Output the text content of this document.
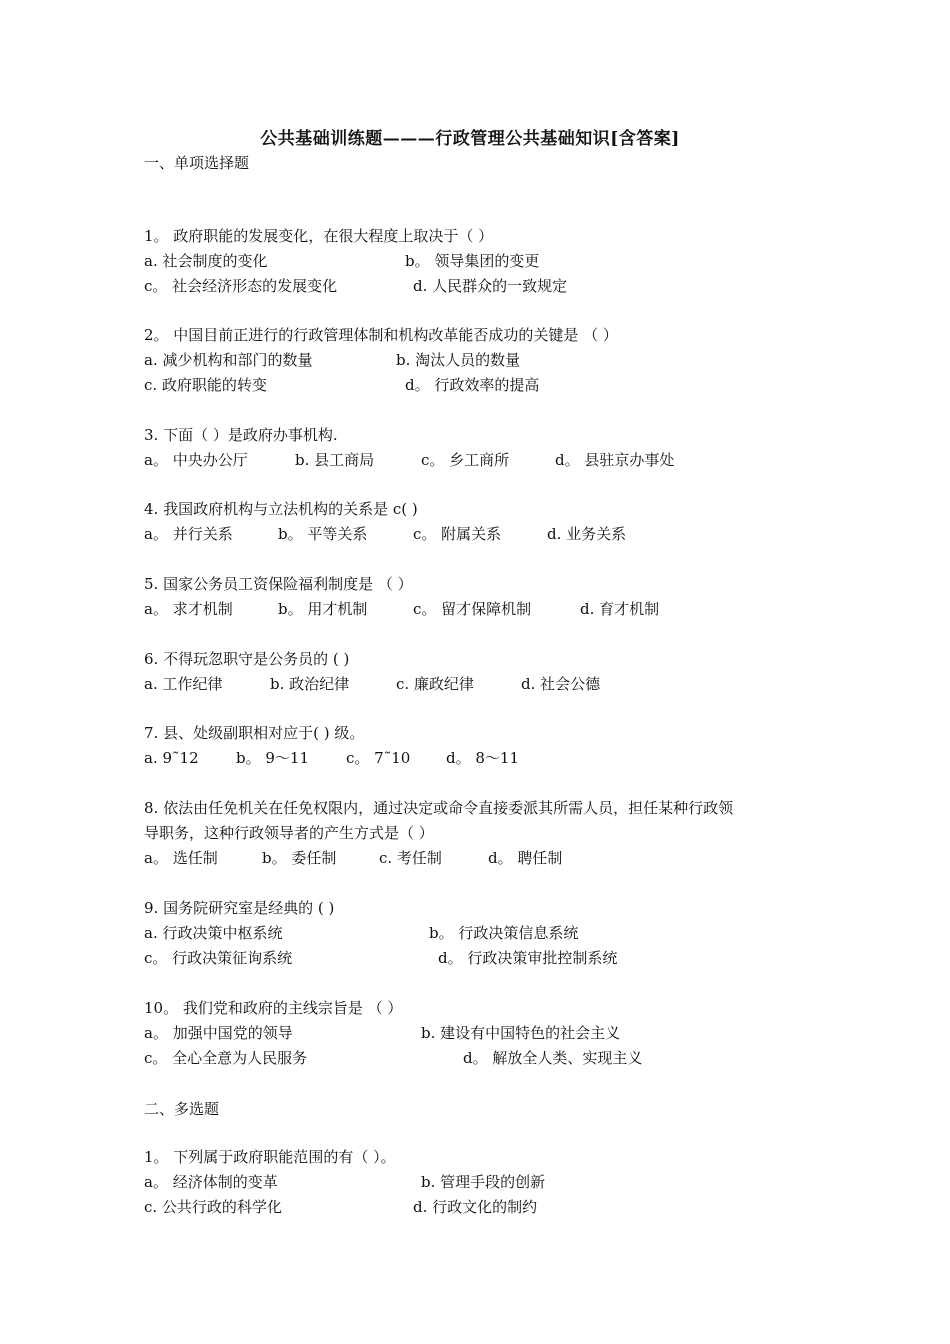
公共基础训练题———行政管理公共基础知识[含答案]
一、单项选择题
1。 政府职能的发展变化，在很大程度上取决于（ ）
a. 社会制度的变化	b。 领导集团的变更
c。 社会经济形态的发展变化	d. 人民群众的一致规定
2。 中国目前正进行的行政管理体制和机构改革能否成功的关键是 （ ）
a. 减少机构和部门的数量	b. 淘汰人员的数量
c. 政府职能的转变	d。 行政效率的提高
3. 下面（ ）是政府办事机构.
a。 中央办公厅	b. 县工商局	c。 乡工商所	d。 县驻京办事处
4. 我国政府机构与立法机构的关系是 c( )
a。 并行关系	b。 平等关系	c。 附属关系	d. 业务关系
5. 国家公务员工资保险福利制度是 （ ）
a。 求才机制	b。 用才机制	c。 留才保障机制	d. 育才机制
6. 不得玩忽职守是公务员的 ( )
a. 工作纪律	b. 政治纪律	c. 廉政纪律	d. 社会公德
7. 县、处级副职相对应于( ) 级。
a. 9˜12 b。 9～11 c。 7˜10 d。 8～11
8. 依法由任免机关在任免权限内，通过决定或命令直接委派其所需人员，担任某种行政领
导职务，这种行政领导者的产生方式是（ ）
a。 选任制	b。 委任制	c. 考任制	d。 聘任制
9. 国务院研究室是经典的 ( )
a. 行政决策中枢系统	b。 行政决策信息系统
c。 行政决策征询系统	d。 行政决策审批控制系统
10。 我们党和政府的主线宗旨是 （ ）
a。 加强中国党的领导	b. 建设有中国特色的社会主义
c。 全心全意为人民服务	d。 解放全人类、实现主义
二、多选题
1。 下列属于政府职能范围的有（ ）。
a。 经济体制的变革	b. 管理手段的创新
c. 公共行政的科学化	d. 行政文化的制约
